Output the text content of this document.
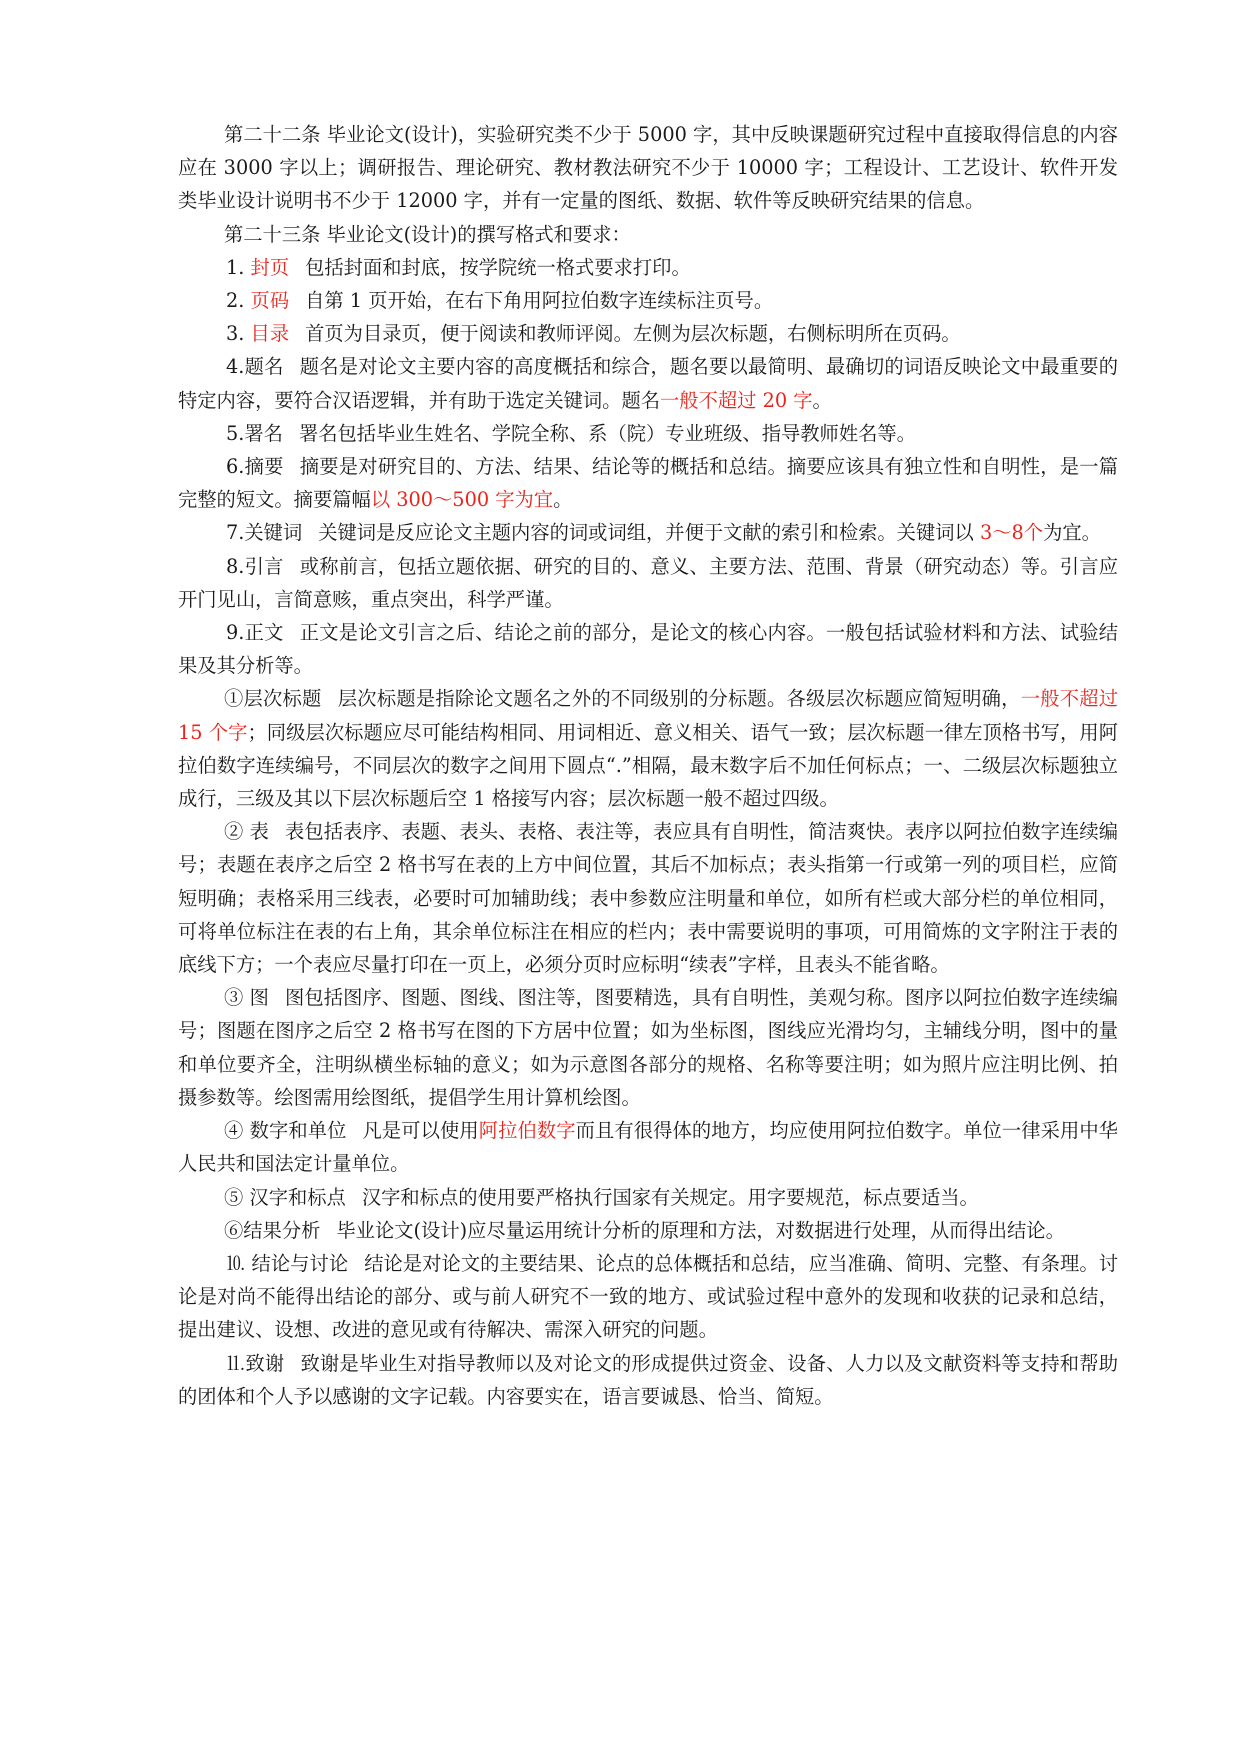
第二十二条 毕业论文(设计)，实验研究类不少于 5000 字，其中反映课题研究过程中直接取得信息的内容应在 3000 字以上；调研报告、理论研究、教材教法研究不少于 10000 字；工程设计、工艺设计、软件开发类毕业设计说明书不少于 12000 字，并有一定量的图纸、数据、软件等反映研究结果的信息。

第二十三条 毕业论文(设计)的撰写格式和要求：

1. 封页 包括封面和封底，按学院统一格式要求打印。

2. 页码 自第 1 页开始，在右下角用阿拉伯数字连续标注页号。

3. 目录 首页为目录页，便于阅读和教师评阅。左侧为层次标题，右侧标明所在页码。

4.题名 题名是对论文主要内容的高度概括和综合，题名要以最简明、最确切的词语反映论文中最重要的特定内容，要符合汉语逻辑，并有助于选定关键词。题名一般不超过 20 字。

5.署名 署名包括毕业生姓名、学院全称、系（院）专业班级、指导教师姓名等。

6.摘要 摘要是对研究目的、方法、结果、结论等的概括和总结。摘要应该具有独立性和自明性，是一篇完整的短文。摘要篇幅以 300～500 字为宜。

7.关键词 关键词是反应论文主题内容的词或词组，并便于文献的索引和检索。关键词以 3～8个为宜。

8.引言 或称前言，包括立题依据、研究的目的、意义、主要方法、范围、背景（研究动态）等。引言应开门见山，言简意赅，重点突出，科学严谨。

9.正文 正文是论文引言之后、结论之前的部分，是论文的核心内容。一般包括试验材料和方法、试验结果及其分析等。

①层次标题 层次标题是指除论文题名之外的不同级别的分标题。各级层次标题应简短明确，一般不超过 15 个字；同级层次标题应尽可能结构相同、用词相近、意义相关、语气一致；层次标题一律左顶格书写，用阿拉伯数字连续编号，不同层次的数字之间用下圆点“.”相隔，最末数字后不加任何标点；一、二级层次标题独立成行，三级及其以下层次标题后空 1 格接写内容；层次标题一般不超过四级。

② 表 表包括表序、表题、表头、表格、表注等，表应具有自明性，简洁爽快。表序以阿拉伯数字连续编号；表题在表序之后空 2 格书写在表的上方中间位置，其后不加标点；表头指第一行或第一列的项目栏，应简短明确；表格采用三线表，必要时可加辅助线；表中参数应注明量和单位，如所有栏或大部分栏的单位相同，可将单位标注在表的右上角，其余单位标注在相应的栏内；表中需要说明的事项，可用简炼的文字附注于表的底线下方；一个表应尽量打印在一页上，必须分页时应标明“续表”字样，且表头不能省略。

③ 图 图包括图序、图题、图线、图注等，图要精选，具有自明性，美观匀称。图序以阿拉伯数字连续编号；图题在图序之后空 2 格书写在图的下方居中位置；如为坐标图，图线应光滑均匀，主辅线分明，图中的量和单位要齐全，注明纵横坐标轴的意义；如为示意图各部分的规格、名称等要注明；如为照片应注明比例、拍摄参数等。绘图需用绘图纸，提倡学生用计算机绘图。

④ 数字和单位 凡是可以使用阿拉伯数字而且有很得体的地方，均应使用阿拉伯数字。单位一律采用中华人民共和国法定计量单位。

⑤ 汉字和标点 汉字和标点的使用要严格执行国家有关规定。用字要规范，标点要适当。

⑥结果分析 毕业论文(设计)应尽量运用统计分析的原理和方法，对数据进行处理，从而得出结论。

⒑ 结论与讨论 结论是对论文的主要结果、论点的总体概括和总结，应当准确、简明、完整、有条理。讨论是对尚不能得出结论的部分、或与前人研究不一致的地方、或试验过程中意外的发现和收获的记录和总结，提出建议、设想、改进的意见或有待解决、需深入研究的问题。

⒒致谢 致谢是毕业生对指导教师以及对论文的形成提供过资金、设备、人力以及文献资料等支持和帮助的团体和个人予以感谢的文字记载。内容要实在，语言要诚恳、恰当、简短。
